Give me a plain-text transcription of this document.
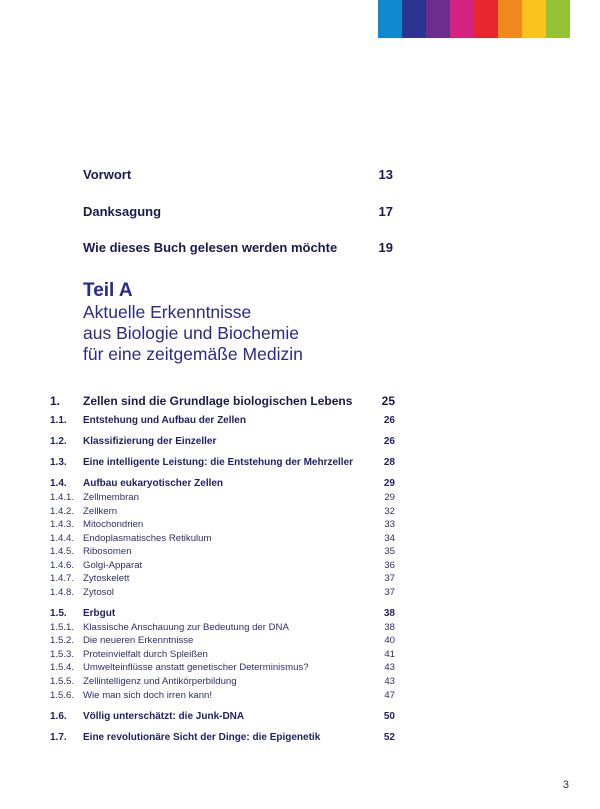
Vorwort	13
Danksagung	17
Wie dieses Buch gelesen werden möchte	19
Teil A
Aktuelle Erkenntnisse
aus Biologie und Biochemie
für eine zeitgemäße Medizin
1.	Zellen sind die Grundlage biologischen Lebens	25
1.1.	Entstehung und Aufbau der Zellen	26
1.2.	Klassifizierung der Einzeller	26
1.3.	Eine intelligente Leistung: die Entstehung der Mehrzeller	28
1.4.	Aufbau eukaryotischer Zellen	29
1.4.1. Zellmembran	29
1.4.2. Zellkern	32
1.4.3. Mitochondrien	33
1.4.4. Endoplasmatisches Retikulum	34
1.4.5. Ribosomen	35
1.4.6. Golgi-Apparat	36
1.4.7. Zytoskelett	37
1.4.8. Zytosol	37
1.5.	Erbgut	38
1.5.1. Klassische Anschauung zur Bedeutung der DNA	38
1.5.2. Die neueren Erkenntnisse	40
1.5.3. Proteinvielfalt durch Spleißen	41
1.5.4. Umwelteinflüsse anstatt genetischer Determinismus?	43
1.5.5. Zellintelligenz und Antikörperbildung	43
1.5.6. Wie man sich doch irren kann!	47
1.6.	Völlig unterschätzt: die Junk-DNA	50
1.7.	Eine revolutionäre Sicht der Dinge: die Epigenetik	52
3
